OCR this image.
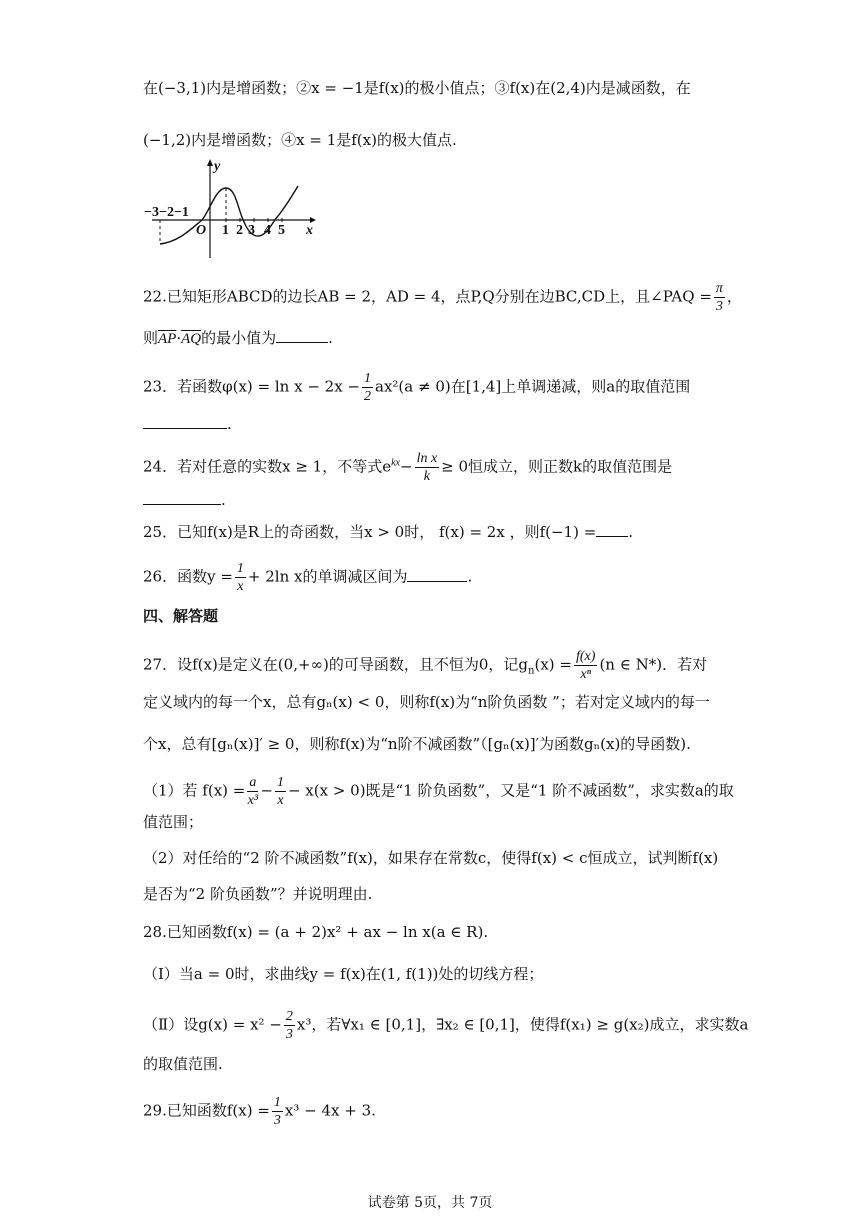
在(−3,1)内是增函数；②x = −1是f(x)的极小值点；③f(x)在(2,4)内是减函数，在
(−1,2)内是增函数；④x = 1是f(x)的极大值点.
y
x
−3−2−1
O 1 2 3 4 5
22.已知矩形ABCD的边长AB = 2，AD = 4，点P,Q分别在边BC,CD上，且∠PAQ = $\frac{\pi}{3}$ ，
则$\overline{AP}\cdot\overline{AQ}$的最小值为	.
23．若函数$\varphi(x) = \ln x - 2x - \frac{1}{2} ax^2(a \ne 0)$在[1,4]上单调递减，则a的取值范围
.
24．若对任意的实数x ≥ 1，不等式$e^{kx}- \frac{\text{ln x}}{k} \ge 0$恒成立，则正数k的取值范围是
.
25．已知f(x)是R上的奇函数，当x > 0时， f(x) = 2x ，则f(−1) = .
26．函数$y = \frac{1}{x} + 2\ln$ x的单调减区间为	.
四、解答题
27．设f(x)是定义在(0,+∞)的可导函数，且不恒为0，记$g_n(x) = \frac{f(x)}{\text{xⁿ}} (n$ ∈ N*)．若对
定义域内的每一个x，总有gₙ(x) < 0，则称f(x)为“n阶负函数 ”；若对定义域内的每一
个x，总有[gₙ(x)]′ ≥ 0，则称f(x)为“n阶不减函数”（[gₙ(x)]′为函数gₙ(x)的导函数).
（1）若 $f(x) = \frac{a}{\text{x³}} - \frac{1}{x} - x(x > 0)$既是“1 阶负函数”，又是“1 阶不减函数”，求实数a的取
值范围；
（2）对任给的“2 阶不减函数”f(x)，如果存在常数c，使得f(x) < c恒成立，试判断f(x)
是否为“2 阶负函数”？并说明理由.
28.已知函数f(x) = (a + 2)x² + ax − ln x(a ∈ R).
（Ⅰ）当a = 0时，求曲线y = f(x)在(1, f(1))处的切线方程；
（Ⅱ）设$g(x) = x^2 - \frac{2}{3} x^3$，若∀x₁ ∈ [0,1]，∃x₂ ∈ [0,1]，使得f(x₁) ≥ g(x₂)成立，求实数a
的取值范围.
29.已知函数$f(x) = \frac{1}{3} x^3 - 4x + 3$.
试卷第 5页，共 7页
